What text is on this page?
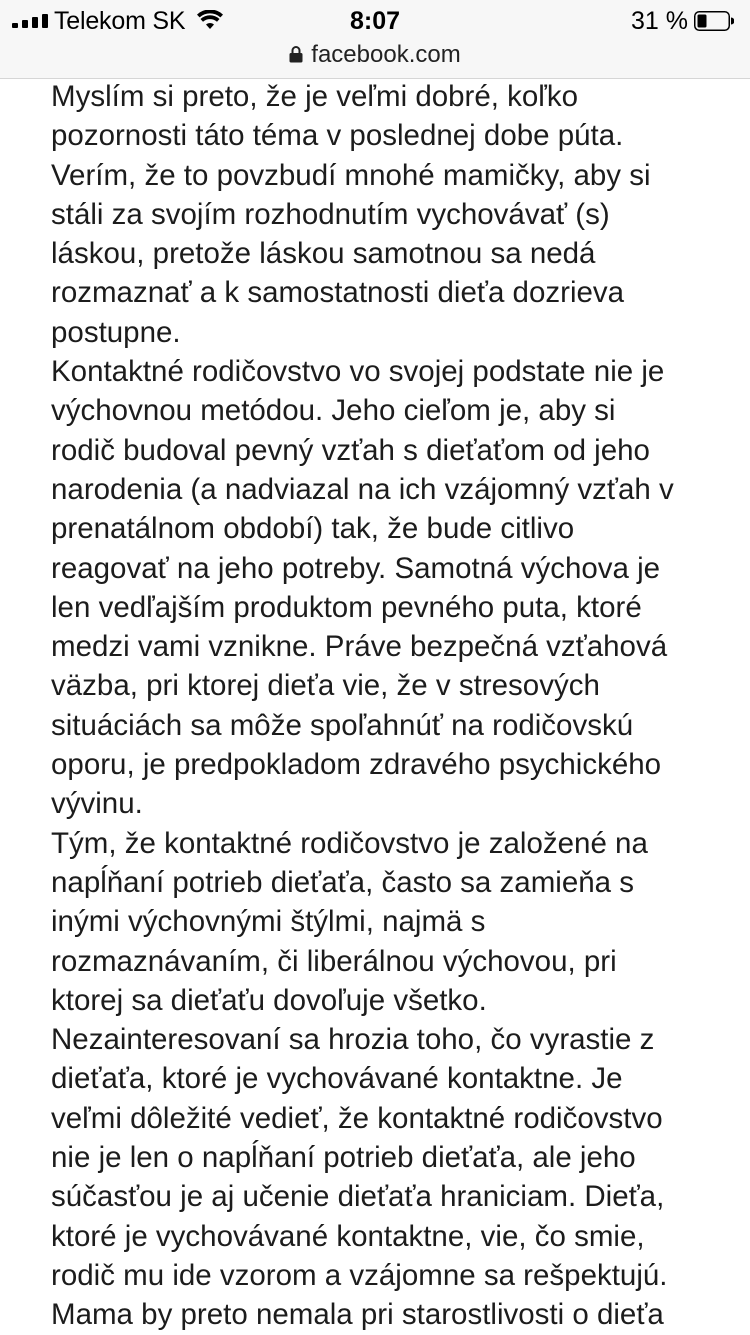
Telekom SK	8:07	31 %
facebook.com
Myslím si preto, že je veľmi dobré, koľko
pozornosti táto téma v poslednej dobe púta.
Verím, že to povzbudí mnohé mamičky, aby si
stáli za svojím rozhodnutím vychovávať (s)
láskou, pretože láskou samotnou sa nedá
rozmaznať a k samostatnosti dieťa dozrieva
postupne.
Kontaktné rodičovstvo vo svojej podstate nie je
výchovnou metódou. Jeho cieľom je, aby si
rodič budoval pevný vzťah s dieťaťom od jeho
narodenia (a nadviazal na ich vzájomný vzťah v
prenatálnom období) tak, že bude citlivo
reagovať na jeho potreby. Samotná výchova je
len vedľajším produktom pevného puta, ktoré
medzi vami vznikne. Práve bezpečná vzťahová
väzba, pri ktorej dieťa vie, že v stresových
situáciách sa môže spoľahnúť na rodičovskú
oporu, je predpokladom zdravého psychického
vývinu.
Tým, že kontaktné rodičovstvo je založené na
napĺňaní potrieb dieťaťa, často sa zamieňa s
inými výchovnými štýlmi, najmä s
rozmaznávaním, či liberálnou výchovou, pri
ktorej sa dieťaťu dovoľuje všetko.
Nezainteresovaní sa hrozia toho, čo vyrastie z
dieťaťa, ktoré je vychovávané kontaktne. Je
veľmi dôležité vedieť, že kontaktné rodičovstvo
nie je len o napĺňaní potrieb dieťaťa, ale jeho
súčasťou je aj učenie dieťaťa hraniciam. Dieťa,
ktoré je vychovávané kontaktne, vie, čo smie,
rodič mu ide vzorom a vzájomne sa rešpektujú.
Mama by preto nemala pri starostlivosti o dieťa
